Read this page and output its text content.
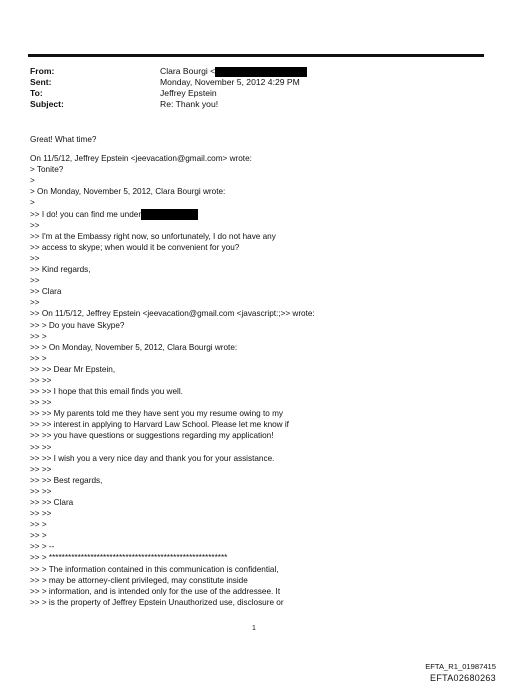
From:	Clara Bourgi <
Sent:	Monday, November 5, 2012 4:29 PM
To:	Jeffrey Epstein
Subject:	Re: Thank you!
Great! What time?
On 11/5/12, Jeffrey Epstein <jeevacation@gmail.com> wrote:
> Tonite?
>
> On Monday, November 5, 2012, Clara Bourgi wrote:
>
>> I do! you can find me under
>>
>> I'm at the Embassy right now, so unfortunately, I do not have any
>> access to skype; when would it be convenient for you?
>>
>> Kind regards,
>>
>> Clara
>>
>> On 11/5/12, Jeffrey Epstein <jeevacation@gmail.com <javascript:;>> wrote:
>> > Do you have Skype?
>> >
>> > On Monday, November 5, 2012, Clara Bourgi wrote:
>> >
>> >> Dear Mr Epstein,
>> >>
>> >> I hope that this email finds you well.
>> >>
>> >> My parents told me they have sent you my resume owing to my
>> >> interest in applying to Harvard Law School. Please let me know if
>> >> you have questions or suggestions regarding my application!
>> >>
>> >> I wish you a very nice day and thank you for your assistance.
>> >>
>> >> Best regards,
>> >>
>> >> Clara
>> >>
>> >
>> >
>> > --
>> > ********************************************************
>> > The information contained in this communication is confidential,
>> > may be attorney-client privileged, may constitute inside
>> > information, and is intended only for the use of the addressee. It
>> > is the property of Jeffrey Epstein Unauthorized use, disclosure or
1
EFTA_R1_01987415
EFTA02680263
